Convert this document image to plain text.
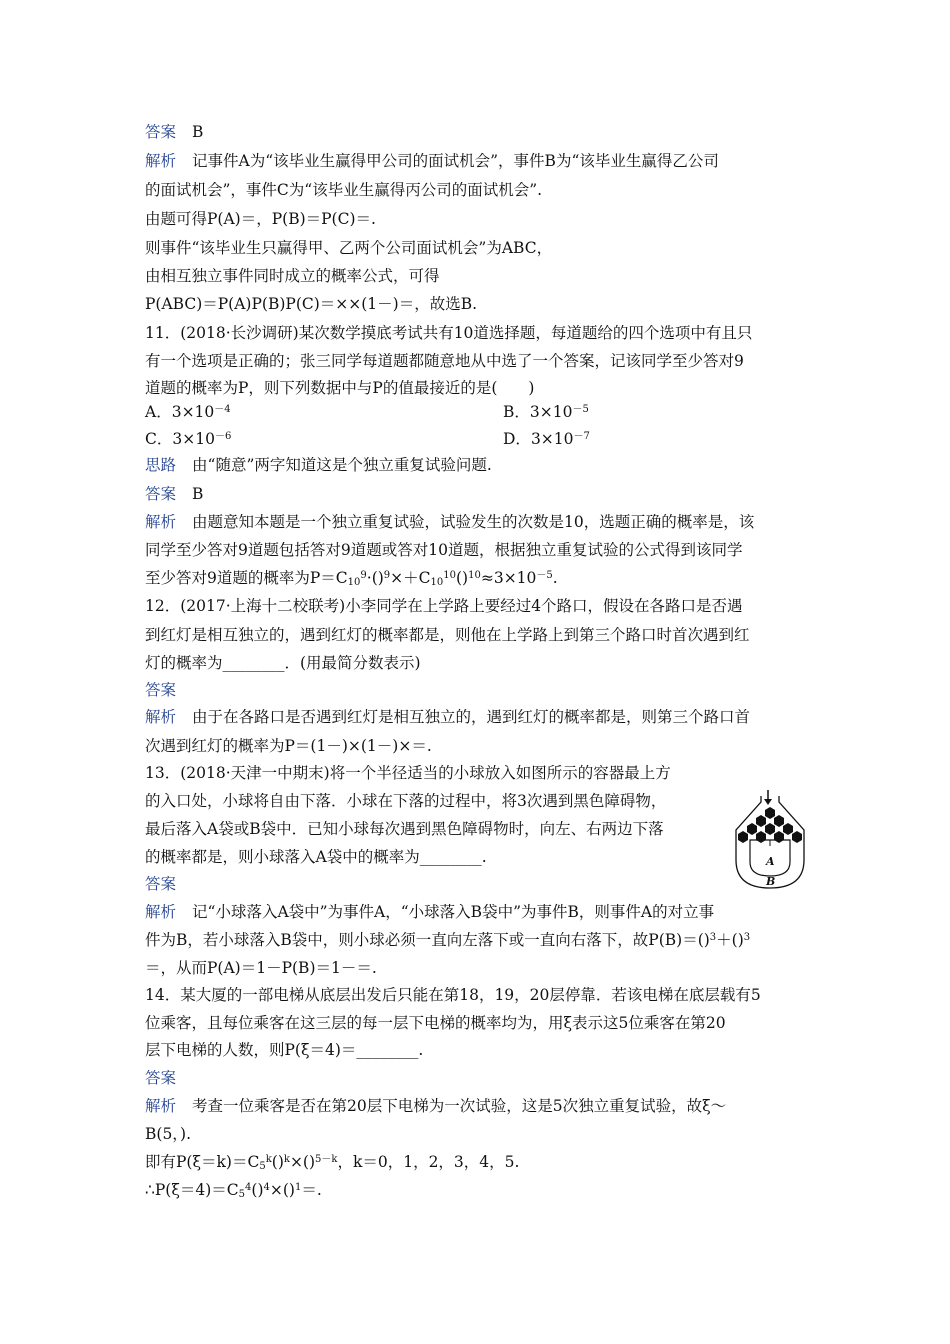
答案 B
解析 记事件A为“该毕业生赢得甲公司的面试机会”，事件B为“该毕业生赢得乙公司
的面试机会”，事件C为“该毕业生赢得丙公司的面试机会”.
由题可得P(A)＝，P(B)＝P(C)＝.
则事件“该毕业生只赢得甲、乙两个公司面试机会”为ABC，
由相互独立事件同时成立的概率公式，可得
P(ABC)＝P(A)P(B)P(C)＝××(1－)＝，故选B.
11．(2018·长沙调研)某次数学摸底考试共有10道选择题，每道题给的四个选项中有且只
有一个选项是正确的；张三同学每道题都随意地从中选了一个答案，记该同学至少答对9
道题的概率为P，则下列数据中与P的值最接近的是(　　)
A．$3\times 10^{-4}$	B．$3\times 10^{-5}$
C．$3\times 10^{-6}$	D．$3\times 10^{-7}$
思路 由“随意”两字知道这是个独立重复试验问题.
答案 B
解析 由题意知本题是一个独立重复试验，试验发生的次数是10，选题正确的概率是，该
同学至少答对9道题包括答对9道题或答对10道题，根据独立重复试验的公式得到该同学
至少答对9道题的概率为$P=C_{10}^9\cdot()^9\times+C_{10}^{10}()^{10}\approx 3\times 10^{-5}$.
12．(2017·上海十二校联考)小李同学在上学路上要经过4个路口，假设在各路口是否遇
到红灯是相互独立的，遇到红灯的概率都是，则他在上学路上到第三个路口时首次遇到红
灯的概率为________．(用最简分数表示)
答案
解析 由于在各路口是否遇到红灯是相互独立的，遇到红灯的概率都是，则第三个路口首
次遇到红灯的概率为P＝(1－)×(1－)×＝.
13．(2018·天津一中期末)将一个半径适当的小球放入如图所示的容器最上方
的入口处，小球将自由下落．小球在下落的过程中，将3次遇到黑色障碍物，
最后落入A袋或B袋中．已知小球每次遇到黑色障碍物时，向左、右两边下落
的概率都是，则小球落入A袋中的概率为________.	A
B
答案
解析 记“小球落入A袋中”为事件A，“小球落入B袋中”为事件B，则事件A的对立事
件为B，若小球落入B袋中，则小球必须一直向左落下或一直向右落下，故P(B)＝()$^3$＋()$^3$
＝，从而P(A)＝1－P(B)＝1－＝.
14．某大厦的一部电梯从底层出发后只能在第18，19，20层停靠．若该电梯在底层载有5
位乘客，且每位乘客在这三层的每一层下电梯的概率均为，用ξ表示这5位乘客在第20
层下电梯的人数，则P(ξ＝4)＝________.
答案
解析 考查一位乘客是否在第20层下电梯为一次试验，这是5次独立重复试验，故ξ～
B(5，).
即有$P(\xi=k)=C_5^k()^k\times()^{5-k}$，k＝0，1，2，3，4，5.
$\therefore P(\xi=4)=C_5^4()^4\times()^1=$.
